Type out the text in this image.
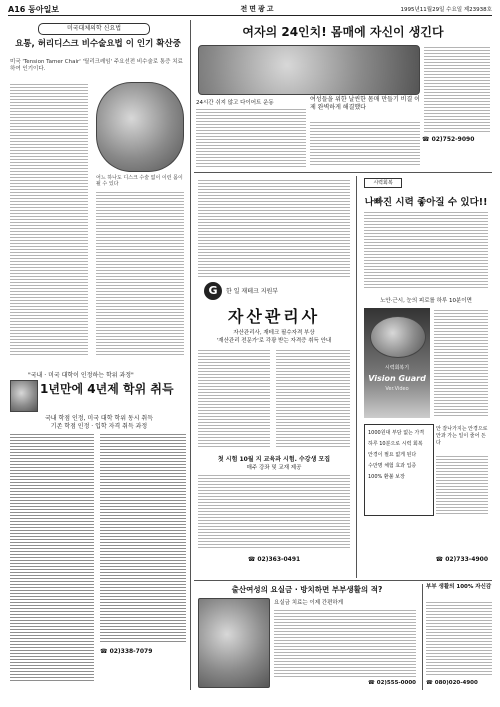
A16 동아일보	전면광고	1995년11월29일 수요일 제23938호
미국대체의학 신요법
요통, 허리디스크 비수술요법 이 인기 확산중
미국 'Tension Tamer Chair' '틸리크레임' 주요선전 비수술로 통증 치료하여 인기이다.
어느 하나도 디스크 수술 없이 이런 몸이 될 수 있다
"국내 · 미국 대학이 인정하는 학위 과정"
1년만에 4년제 학위 취득
국내 학점 인정, 미국 대학 학위 동시 취득
기존 학점 인정 · 입학 자격 취득 과정
☎ 02)338-7079
여자의 24인치! 몸매에 자신이 생긴다
24시간 쉬지 않고 다이어트 운동	여성들을 위한 날씬한 몸매 만들기 비결 이제 완벽하게 해결했다
☎ 02)752-9090
G	한 일 재테크 지원부
자산관리사
자산관리사, 재테크 필수자격 부상
'재산관리 전문가'로 각광 받는 자격증 취득 안내
첫 시험 10월 지 교육과 시험. 수강생 모집
매주 강좌 및 교재 제공
☎ 02)363-0491
시력회복
나빠진 시력 좋아질 수 있다!!
노안·근시, 눈의 피로를 하루 10분이면
시력회복기
Vision Guard
Ver.Video
1000원대 부담 없는 가격
하루 10분으로 시력 회복
안경이 필요 없게 된다
수만명 체험 효과 입증
100% 환불 보장
안 잘나가지는 안경으로 안과 가는 일이 줄어 든다
☎ 02)733-4900
출산여성의 요실금 · 방치하면 부부생활의 적?
요실금 치료는 이제 간편하게
☎ 02)555-0000
부부 생활의 100% 자신감
☎ 080)020-4900
